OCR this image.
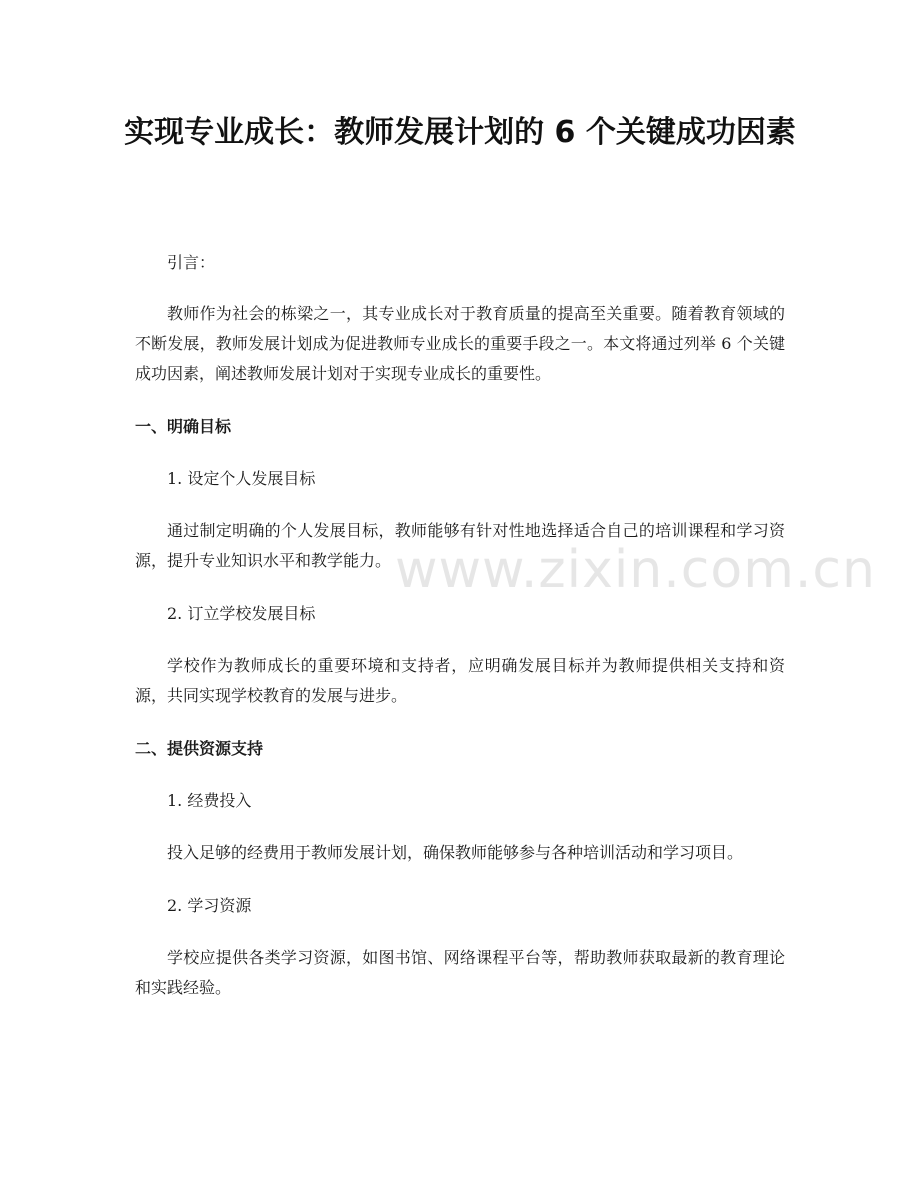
实现专业成长：教师发展计划的 6 个关键成功因素

引言：

教师作为社会的栋梁之一，其专业成长对于教育质量的提高至关重要。随着教育领域的不断发展，教师发展计划成为促进教师专业成长的重要手段之一。本文将通过列举 6 个关键成功因素，阐述教师发展计划对于实现专业成长的重要性。

一、明确目标

1. 设定个人发展目标

通过制定明确的个人发展目标，教师能够有针对性地选择适合自己的培训课程和学习资源，提升专业知识水平和教学能力。

2. 订立学校发展目标

学校作为教师成长的重要环境和支持者，应明确发展目标并为教师提供相关支持和资源，共同实现学校教育的发展与进步。

二、提供资源支持

1. 经费投入

投入足够的经费用于教师发展计划，确保教师能够参与各种培训活动和学习项目。

2. 学习资源

学校应提供各类学习资源，如图书馆、网络课程平台等，帮助教师获取最新的教育理论和实践经验。

www.zixin.com.cn
